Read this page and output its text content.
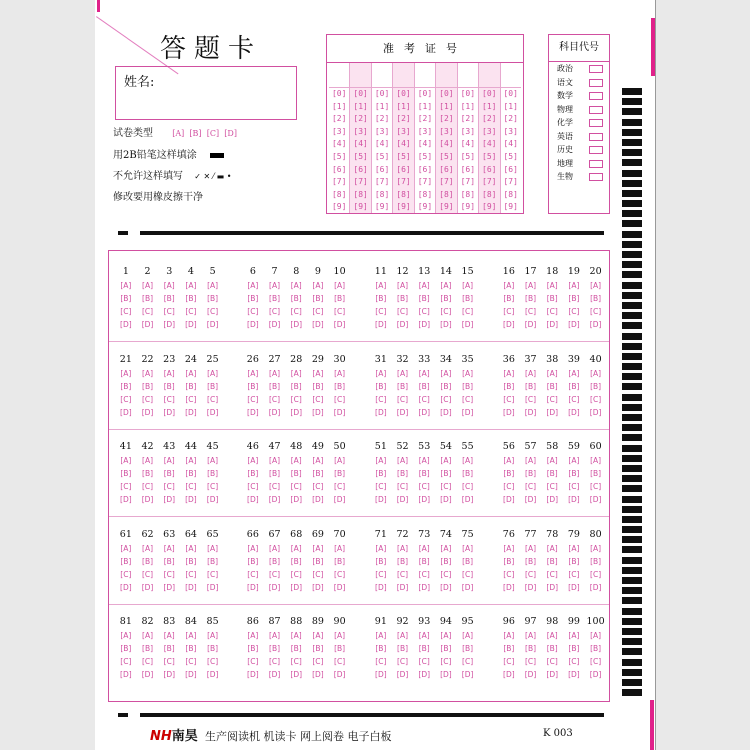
答题卡
姓名:
试卷类型 [A] [B] [C] [D]
用2B铅笔这样填涂
不允许这样填写 ✓ ✕ ⁄ ▬ •
修改要用橡皮擦干净
准考证号
[0]
[1]
[2]
[3]
[4]
[5]
[6]
[7]
[8]
[9]
[0]
[1]
[2]
[3]
[4]
[5]
[6]
[7]
[8]
[9]
[0]
[1]
[2]
[3]
[4]
[5]
[6]
[7]
[8]
[9]
[0]
[1]
[2]
[3]
[4]
[5]
[6]
[7]
[8]
[9]
[0]
[1]
[2]
[3]
[4]
[5]
[6]
[7]
[8]
[9]
[0]
[1]
[2]
[3]
[4]
[5]
[6]
[7]
[8]
[9]
[0]
[1]
[2]
[3]
[4]
[5]
[6]
[7]
[8]
[9]
[0]
[1]
[2]
[3]
[4]
[5]
[6]
[7]
[8]
[9]
[0]
[1]
[2]
[3]
[4]
[5]
[6]
[7]
[8]
[9]
科目代号
政治
语文
数学
物理
化学
英语
历史
地理
生物
1
[A]
[B]
[C]
[D]
2
[A]
[B]
[C]
[D]
3
[A]
[B]
[C]
[D]
4
[A]
[B]
[C]
[D]
5
[A]
[B]
[C]
[D]
6
[A]
[B]
[C]
[D]
7
[A]
[B]
[C]
[D]
8
[A]
[B]
[C]
[D]
9
[A]
[B]
[C]
[D]
10
[A]
[B]
[C]
[D]
11
[A]
[B]
[C]
[D]
12
[A]
[B]
[C]
[D]
13
[A]
[B]
[C]
[D]
14
[A]
[B]
[C]
[D]
15
[A]
[B]
[C]
[D]
16
[A]
[B]
[C]
[D]
17
[A]
[B]
[C]
[D]
18
[A]
[B]
[C]
[D]
19
[A]
[B]
[C]
[D]
20
[A]
[B]
[C]
[D]
21
[A]
[B]
[C]
[D]
22
[A]
[B]
[C]
[D]
23
[A]
[B]
[C]
[D]
24
[A]
[B]
[C]
[D]
25
[A]
[B]
[C]
[D]
26
[A]
[B]
[C]
[D]
27
[A]
[B]
[C]
[D]
28
[A]
[B]
[C]
[D]
29
[A]
[B]
[C]
[D]
30
[A]
[B]
[C]
[D]
31
[A]
[B]
[C]
[D]
32
[A]
[B]
[C]
[D]
33
[A]
[B]
[C]
[D]
34
[A]
[B]
[C]
[D]
35
[A]
[B]
[C]
[D]
36
[A]
[B]
[C]
[D]
37
[A]
[B]
[C]
[D]
38
[A]
[B]
[C]
[D]
39
[A]
[B]
[C]
[D]
40
[A]
[B]
[C]
[D]
41
[A]
[B]
[C]
[D]
42
[A]
[B]
[C]
[D]
43
[A]
[B]
[C]
[D]
44
[A]
[B]
[C]
[D]
45
[A]
[B]
[C]
[D]
46
[A]
[B]
[C]
[D]
47
[A]
[B]
[C]
[D]
48
[A]
[B]
[C]
[D]
49
[A]
[B]
[C]
[D]
50
[A]
[B]
[C]
[D]
51
[A]
[B]
[C]
[D]
52
[A]
[B]
[C]
[D]
53
[A]
[B]
[C]
[D]
54
[A]
[B]
[C]
[D]
55
[A]
[B]
[C]
[D]
56
[A]
[B]
[C]
[D]
57
[A]
[B]
[C]
[D]
58
[A]
[B]
[C]
[D]
59
[A]
[B]
[C]
[D]
60
[A]
[B]
[C]
[D]
61
[A]
[B]
[C]
[D]
62
[A]
[B]
[C]
[D]
63
[A]
[B]
[C]
[D]
64
[A]
[B]
[C]
[D]
65
[A]
[B]
[C]
[D]
66
[A]
[B]
[C]
[D]
67
[A]
[B]
[C]
[D]
68
[A]
[B]
[C]
[D]
69
[A]
[B]
[C]
[D]
70
[A]
[B]
[C]
[D]
71
[A]
[B]
[C]
[D]
72
[A]
[B]
[C]
[D]
73
[A]
[B]
[C]
[D]
74
[A]
[B]
[C]
[D]
75
[A]
[B]
[C]
[D]
76
[A]
[B]
[C]
[D]
77
[A]
[B]
[C]
[D]
78
[A]
[B]
[C]
[D]
79
[A]
[B]
[C]
[D]
80
[A]
[B]
[C]
[D]
81
[A]
[B]
[C]
[D]
82
[A]
[B]
[C]
[D]
83
[A]
[B]
[C]
[D]
84
[A]
[B]
[C]
[D]
85
[A]
[B]
[C]
[D]
86
[A]
[B]
[C]
[D]
87
[A]
[B]
[C]
[D]
88
[A]
[B]
[C]
[D]
89
[A]
[B]
[C]
[D]
90
[A]
[B]
[C]
[D]
91
[A]
[B]
[C]
[D]
92
[A]
[B]
[C]
[D]
93
[A]
[B]
[C]
[D]
94
[A]
[B]
[C]
[D]
95
[A]
[B]
[C]
[D]
96
[A]
[B]
[C]
[D]
97
[A]
[B]
[C]
[D]
98
[A]
[B]
[C]
[D]
99
[A]
[B]
[C]
[D]
100
[A]
[B]
[C]
[D]
NH南昊 生产阅读机 机读卡 网上阅卷 电子白板	K 003
